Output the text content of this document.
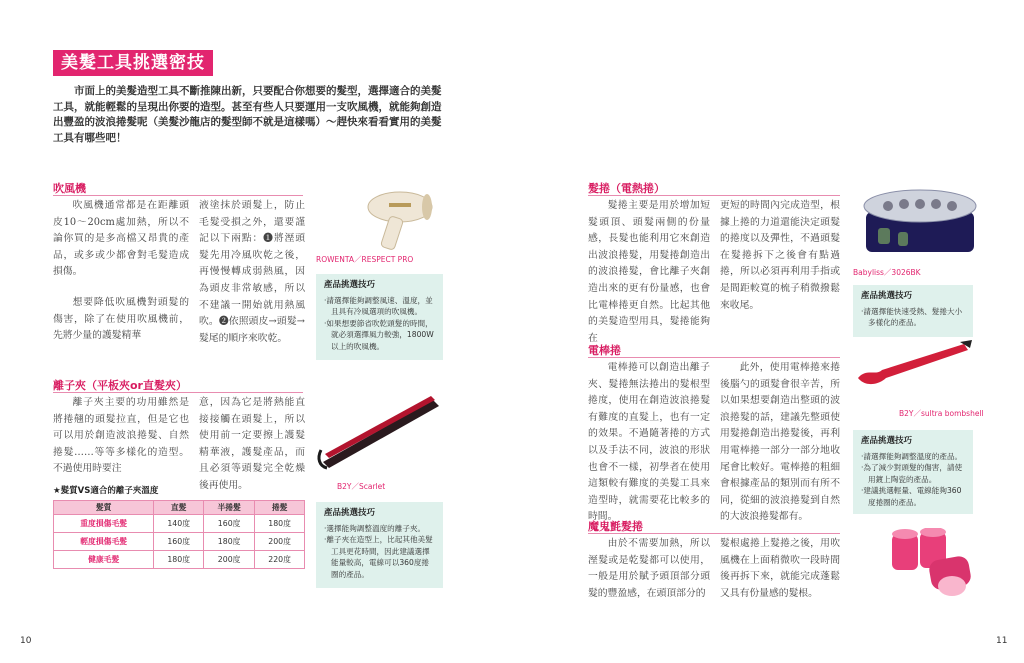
美髮工具挑選密技

市面上的美髮造型工具不斷推陳出新，只要配合你想要的髮型，選擇適合的美髮工具，就能輕鬆的呈現出你要的造型。甚至有些人只要運用一支吹風機，就能夠創造出豐盈的波浪捲髮呢（美髮沙龍店的髮型師不就是這樣嗎）～趕快來看看實用的美髮工具有哪些吧！

吹風機

吹風機通常都是在距離頭皮10～20cm處加熱，所以不論你買的是多高檔又昂貴的產品，或多或少都會對毛髮造成損傷。

想要降低吹風機對頭髮的傷害，除了在使用吹風機前，先將少量的護髮精華

液塗抹於頭髮上，防止毛髮受損之外，還要謹記以下兩點：❶將溼頭髮先用冷風吹乾之後，再慢慢轉成弱熱風，因為頭皮非常敏感，所以不建議一開始就用熱風吹。❷依照頭皮→頭髮→髮尾的順序來吹乾。

ROWENTA／RESPECT PRO
產品挑選技巧
‧請選擇能夠調整風速、溫度，並且具有冷風選項的吹風機。
‧如果想要節省吹乾頭髮的時間，就必須選擇風力較強，1800W以上的吹風機。
離子夾（平板夾or直髮夾）

離子夾主要的功用雖然是將捲翹的頭髮拉直，但是它也可以用於創造波浪捲髮、自然捲髮……等等多樣化的造型。不過使用時要注

意，因為它是將熱能直接接觸在頭髮上，所以使用前一定要擦上護髮精華液，護髮產品，而且必須等頭髮完全乾燥後再使用。	B2Y／Scarlet
產品挑選技巧
‧選擇能夠調整溫度的離子夾。
‧離子夾在造型上，比起其他美髮工具更花時間，因此建議選擇能量較高，電線可以360度捲圈的產品。
★髮質VS適合的離子夾溫度
髮質	直髮	半捲髮	捲髮
重度損傷毛髮	140度	160度	180度
輕度損傷毛髮	160度	180度	200度
健康毛髮	180度	200度	220度
10
髮捲（電熱捲）

髮捲主要是用於增加短髮頭頂、頭髮兩側的份量感，長髮也能利用它來創造出波浪捲髮，用髮捲創造出的波浪捲髮，會比離子夾創造出來的更有份量感，也會比電棒捲更自然。比起其他的美髮造型用具，髮捲能夠在

更短的時間內完成造型，根據上捲的力道還能決定頭髮的捲度以及彈性，不過頭髮在髮捲拆下之後會有點過捲，所以必須再利用手指或是間距較寬的梳子稍微撥鬆來收尾。

Babyliss／3026BK
產品挑選技巧
‧請選擇能快速受熱、髮捲大小多樣化的產品。
電棒捲

電棒捲可以創造出離子夾、髮捲無法捲出的髮根型捲度，使用在創造波浪捲髮有難度的直髮上，也有一定的效果。不過隨著捲的方式以及手法不同，波浪的形狀也會不一樣，初學者在使用這類較有難度的美髮工具來造型時，就需要花比較多的時間。

此外，使用電棒捲來捲後腦勺的頭髮會很辛苦，所以如果想要創造出整頭的波浪捲髮的話，建議先整頭使用髮捲創造出捲髮後，再利用電棒捲一部分一部分地收尾會比較好。電棒捲的粗細會根據產品的類別而有所不同，從細的波浪捲髮到自然的大波浪捲髮都有。

B2Y／sultra bombshell
產品挑選技巧
‧請選擇能夠調整溫度的產品。
‧為了減少對頭髮的傷害，請使用鍍上陶瓷的產品。
‧建議挑選輕量、電線能夠360度捲圈的產品。
魔鬼氈髮捲

由於不需要加熱，所以溼髮或是乾髮都可以使用，一般是用於賦予頭頂部分頭髮的豐盈感，在頭頂部分的

髮根處捲上髮捲之後，用吹風機在上面稍微吹一段時間後再拆下來，就能完成蓬鬆又具有份量感的髮根。

11
